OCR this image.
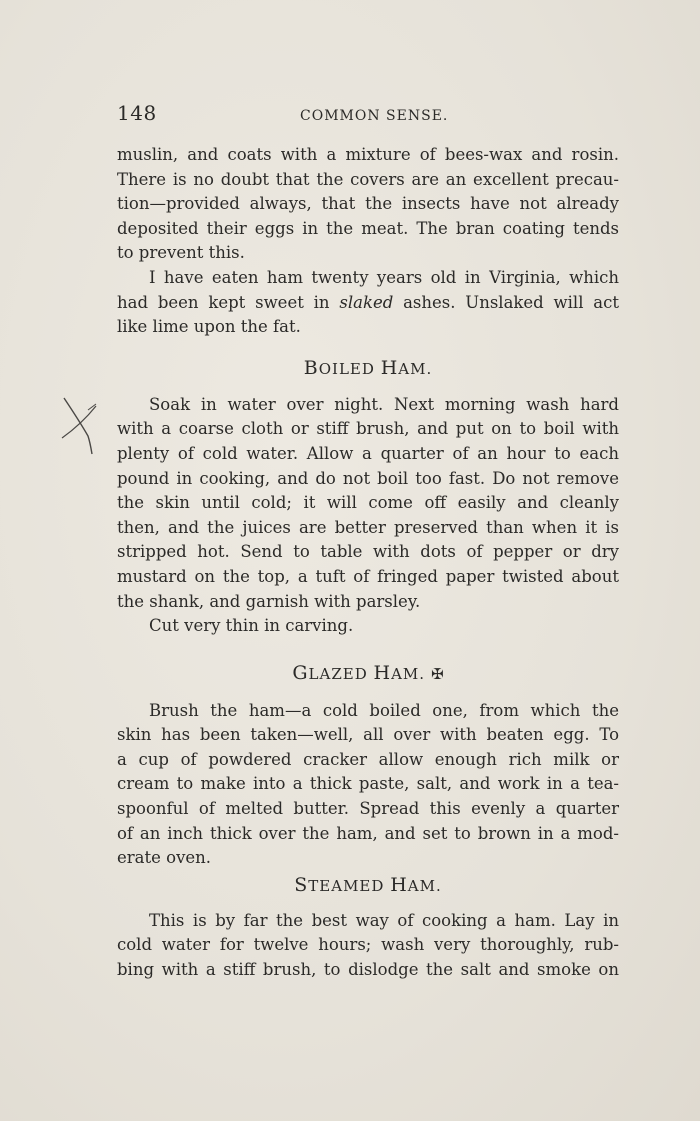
148	COMMON SENSE.
muslin, and coats with a mixture of bees-wax and rosin.
There is no doubt that the covers are an excellent precau-
tion—provided always, that the insects have not already
deposited their eggs in the meat. The bran coating tends
to prevent this.
I have eaten ham twenty years old in Virginia, which
had been kept sweet in slaked ashes. Unslaked will act
like lime upon the fat.
BOILED HAM.
Soak in water over night. Next morning wash hard
with a coarse cloth or stiff brush, and put on to boil with
plenty of cold water. Allow a quarter of an hour to each
pound in cooking, and do not boil too fast. Do not remove
the skin until cold; it will come off easily and cleanly
then, and the juices are better preserved than when it is
stripped hot. Send to table with dots of pepper or dry
mustard on the top, a tuft of fringed paper twisted about
the shank, and garnish with parsley.
Cut very thin in carving.
GLAZED HAM. ✠
Brush the ham—a cold boiled one, from which the
skin has been taken—well, all over with beaten egg. To
a cup of powdered cracker allow enough rich milk or
cream to make into a thick paste, salt, and work in a tea-
spoonful of melted butter. Spread this evenly a quarter
of an inch thick over the ham, and set to brown in a mod-
erate oven.
STEAMED HAM.
This is by far the best way of cooking a ham. Lay in
cold water for twelve hours; wash very thoroughly, rub-
bing with a stiff brush, to dislodge the salt and smoke on
